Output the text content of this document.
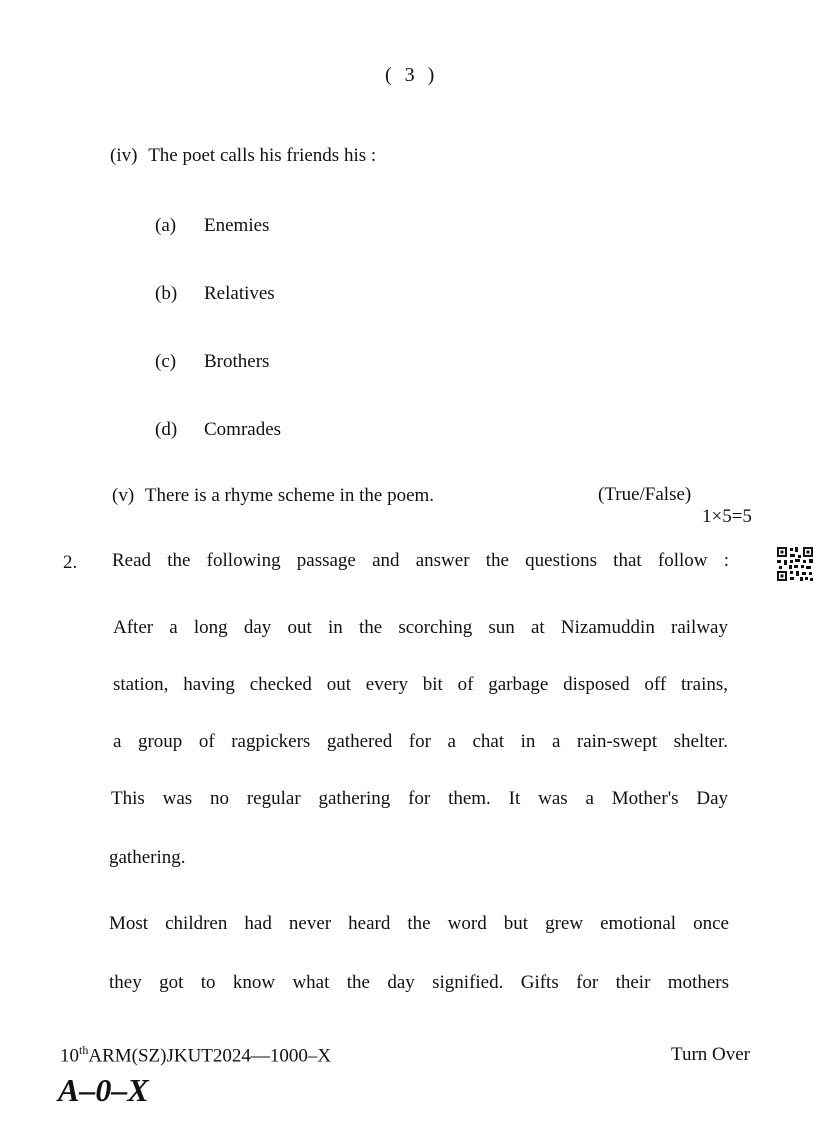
( 3 )
(iv) The poet calls his friends his :
(a) Enemies
(b) Relatives
(c) Brothers
(d) Comrades
(v) There is a rhyme scheme in the poem.	(True/False)
1×5=5
2. Read the following passage and answer the questions that follow :
After a long day out in the scorching sun at Nizamuddin railway
station, having checked out every bit of garbage disposed off trains,
a group of ragpickers gathered for a chat in a rain-swept shelter.
This was no regular gathering for them. It was a Mother's Day
gathering.
Most children had never heard the word but grew emotional once
they got to know what the day signified. Gifts for their mothers
10thARM(SZ)JKUT2024—1000–X	Turn Over
A–0–X
